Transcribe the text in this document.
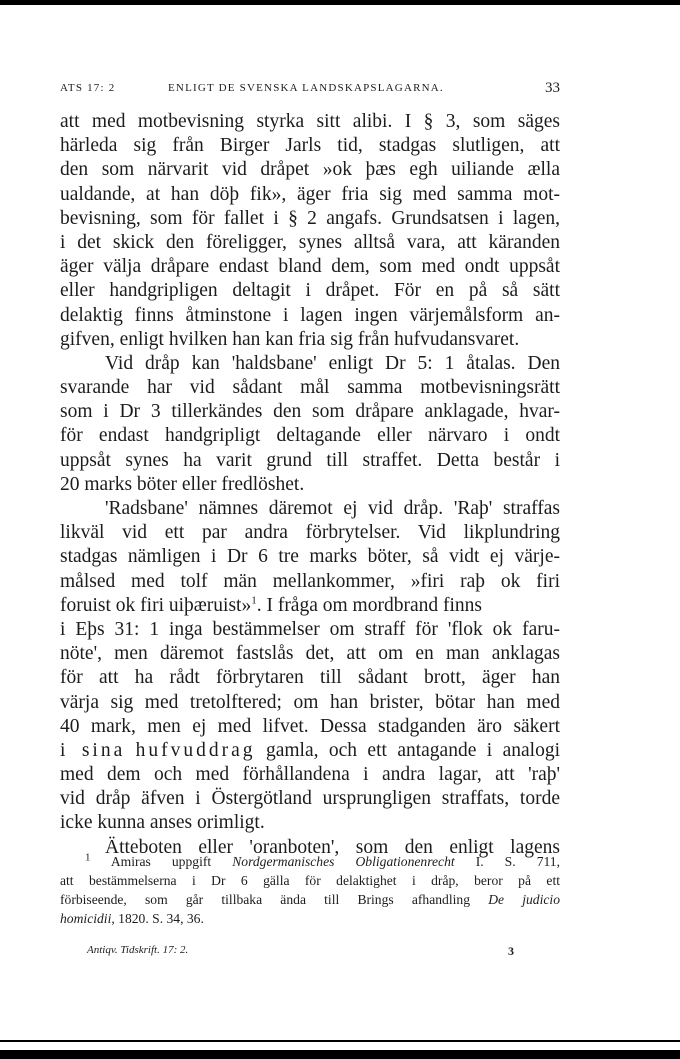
ATS 17: 2	ENLIGT DE SVENSKA LANDSKAPSLAGARNA.	33
att med motbevisning styrka sitt alibi. I § 3, som säges
härleda sig från Birger Jarls tid, stadgas slutligen, att
den som närvarit vid dråpet »ok þæs egh uiliande ælla
ualdande, at han döþ fik», äger fria sig med samma mot-
bevisning, som för fallet i § 2 angafs. Grundsatsen i lagen,
i det skick den föreligger, synes alltså vara, att käranden
äger välja dråpare endast bland dem, som med ondt uppsåt
eller handgripligen deltagit i dråpet. För en på så sätt
delaktig finns åtminstone i lagen ingen värjemålsform an-
gifven, enligt hvilken han kan fria sig från hufvudansvaret.
Vid dråp kan 'haldsbane' enligt Dr 5: 1 åtalas. Den
svarande har vid sådant mål samma motbevisningsrätt
som i Dr 3 tillerkändes den som dråpare anklagade, hvar-
för endast handgripligt deltagande eller närvaro i ondt
uppsåt synes ha varit grund till straffet. Detta består i
20 marks böter eller fredlöshet.
'Radsbane' nämnes däremot ej vid dråp. 'Raþ' straffas
likväl vid ett par andra förbrytelser. Vid likplundring
stadgas nämligen i Dr 6 tre marks böter, så vidt ej värje-
målsed med tolf män mellankommer, »firi raþ ok firi
foruist ok firi uiþæruist»$^1$. I fråga om mordbrand finns
i Eþs 31: 1 inga bestämmelser om straff för 'flok ok faru-
nöte', men däremot fastslås det, att om en man anklagas
för att ha rådt förbrytaren till sådant brott, äger han
värja sig med tretolftered; om han brister, bötar han med
40 mark, men ej med lifvet. Dessa stadganden äro säkert
i sina hufvuddrag gamla, och ett antagande i analogi
med dem och med förhållandena i andra lagar, att 'raþ'
vid dråp äfven i Östergötland ursprungligen straffats, torde
icke kunna anses orimligt.
Ätteboten eller 'oranboten', som den enligt lagens
$^1$ Amiras uppgift Nordgermanisches Obligationenrecht I. S. 711,
att bestämmelserna i Dr 6 gälla för delaktighet i dråp, beror på ett
förbiseende, som går tillbaka ända till Brings afhandling De judicio
homicidii, 1820. S. 34, 36.
Antiqv. Tidskrift. 17: 2.	3
